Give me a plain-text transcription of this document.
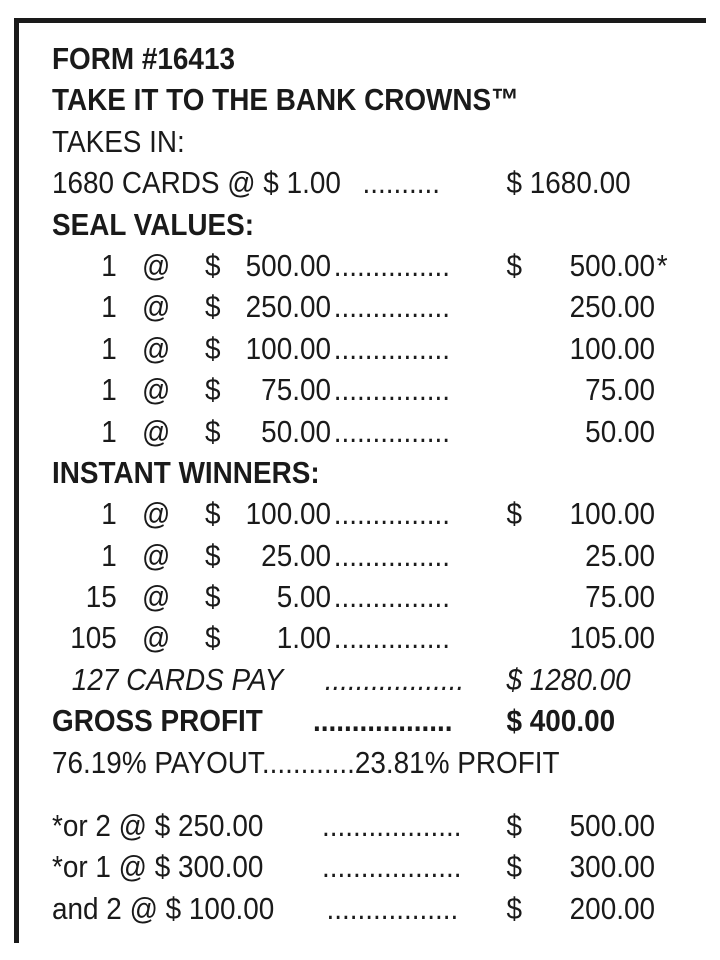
FORM #16413
TAKE IT TO THE BANK CROWNS™
TAKES IN:
1680 CARDS @ $ 1.00 .......... $ 1680.00
SEAL VALUES:
1 @ $ 500.00 ............... $	500.00 *
1 @ $ 250.00 ...............	250.00
1 @ $ 100.00 ...............	100.00
1 @ $	75.00 ...............	75.00
1 @ $	50.00 ...............	50.00
INSTANT WINNERS:
1 @ $ 100.00 ............... $	100.00
1 @ $	25.00 ...............	25.00
15 @ $	5.00 ...............	75.00
105 @ $	1.00 ...............	105.00
127 CARDS PAY .................. $ 1280.00
GROSS PROFIT .................. $ 400.00
76.19% PAYOUT............23.81% PROFIT
*or 2 @ $ 250.00 .................. $	500.00
*or 1 @ $ 300.00 .................. $	300.00
and 2 @ $ 100.00 ................. $	200.00
